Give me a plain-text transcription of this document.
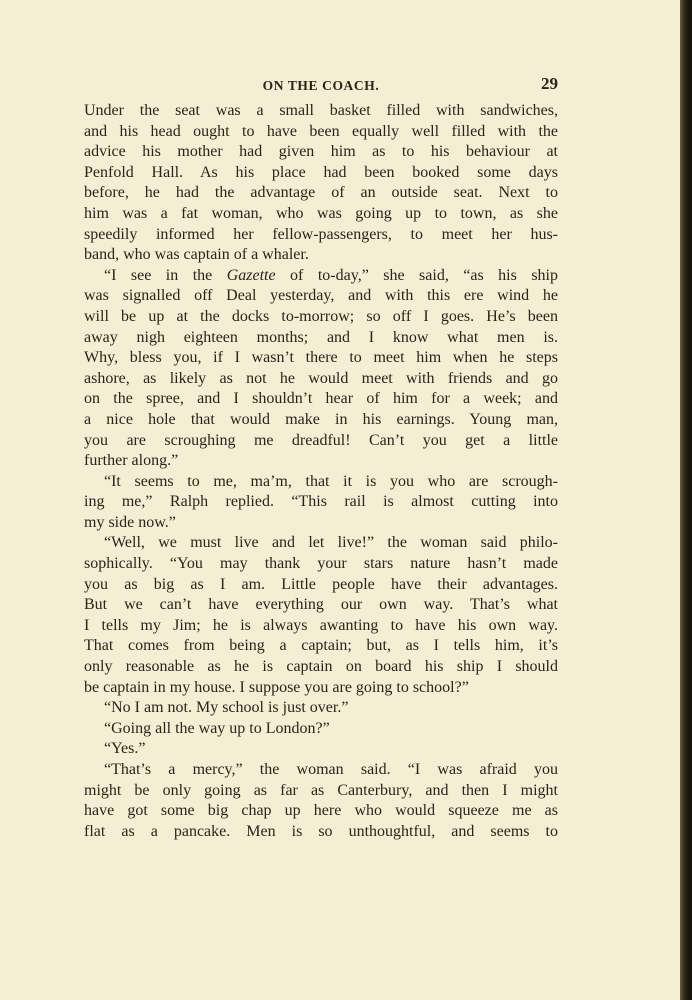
ON THE COACH.	29
Under the seat was a small basket filled with sandwiches,
and his head ought to have been equally well filled with the
advice his mother had given him as to his behaviour at
Penfold Hall. As his place had been booked some days
before, he had the advantage of an outside seat. Next to
him was a fat woman, who was going up to town, as she
speedily informed her fellow-passengers, to meet her hus-
band, who was captain of a whaler.
“I see in the Gazette of to-day,” she said, “as his ship
was signalled off Deal yesterday, and with this ere wind he
will be up at the docks to-morrow; so off I goes. He’s been
away nigh eighteen months; and I know what men is.
Why, bless you, if I wasn’t there to meet him when he steps
ashore, as likely as not he would meet with friends and go
on the spree, and I shouldn’t hear of him for a week; and
a nice hole that would make in his earnings. Young man,
you are scroughing me dreadful! Can’t you get a little
further along.”
“It seems to me, ma’m, that it is you who are scrough-
ing me,” Ralph replied. “This rail is almost cutting into
my side now.”
“Well, we must live and let live!” the woman said philo-
sophically. “You may thank your stars nature hasn’t made
you as big as I am. Little people have their advantages.
But we can’t have everything our own way. That’s what
I tells my Jim; he is always awanting to have his own way.
That comes from being a captain; but, as I tells him, it’s
only reasonable as he is captain on board his ship I should
be captain in my house. I suppose you are going to school?”
“No I am not. My school is just over.”
“Going all the way up to London?”
“Yes.”
“That’s a mercy,” the woman said. “I was afraid you
might be only going as far as Canterbury, and then I might
have got some big chap up here who would squeeze me as
flat as a pancake. Men is so unthoughtful, and seems to
